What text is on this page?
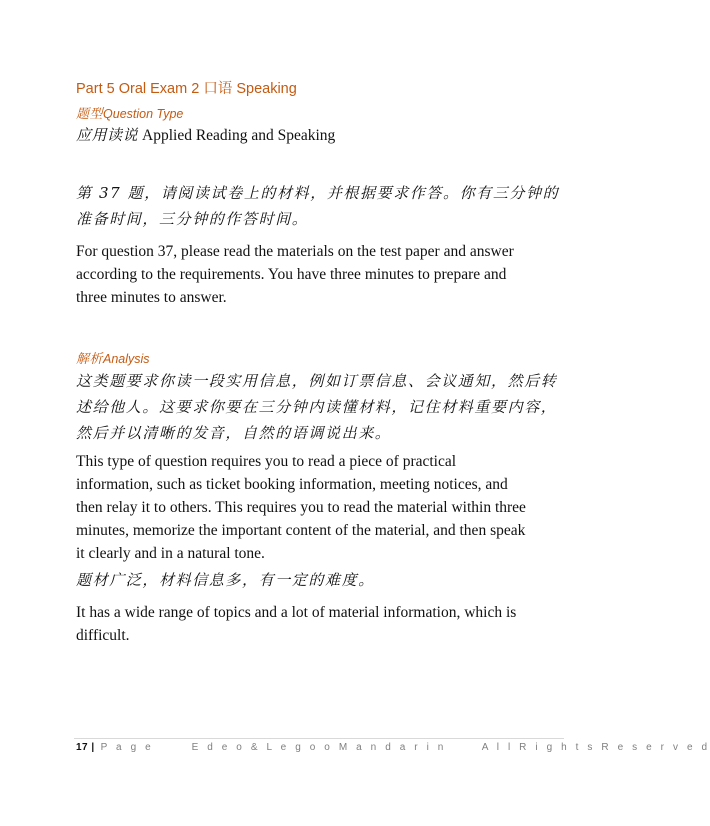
Part 5 Oral Exam 2 口语 Speaking
题型Question Type
应用读说 Applied Reading and Speaking
第 37 题，请阅读试卷上的材料，并根据要求作答。你有三分钟的
准备时间，三分钟的作答时间。
For question 37, please read the materials on the test paper and answer
according to the requirements. You have three minutes to prepare and
three minutes to answer.
解析Analysis
这类题要求你读一段实用信息，例如订票信息、会议通知，然后转
述给他人。这要求你要在三分钟内读懂材料，记住材料重要内容，
然后并以清晰的发音，自然的语调说出来。
This type of question requires you to read a piece of practical
information, such as ticket booking information, meeting notices, and
then relay it to others. This requires you to read the material within three
minutes, memorize the important content of the material, and then speak
it clearly and in a natural tone.
题材广泛，材料信息多，有一定的难度。
It has a wide range of topics and a lot of material information, which is
difficult.
17 | P a g e	E d e o & L e g o o M a n d a r i n	A l l R i g h t s R e s e r v e d
